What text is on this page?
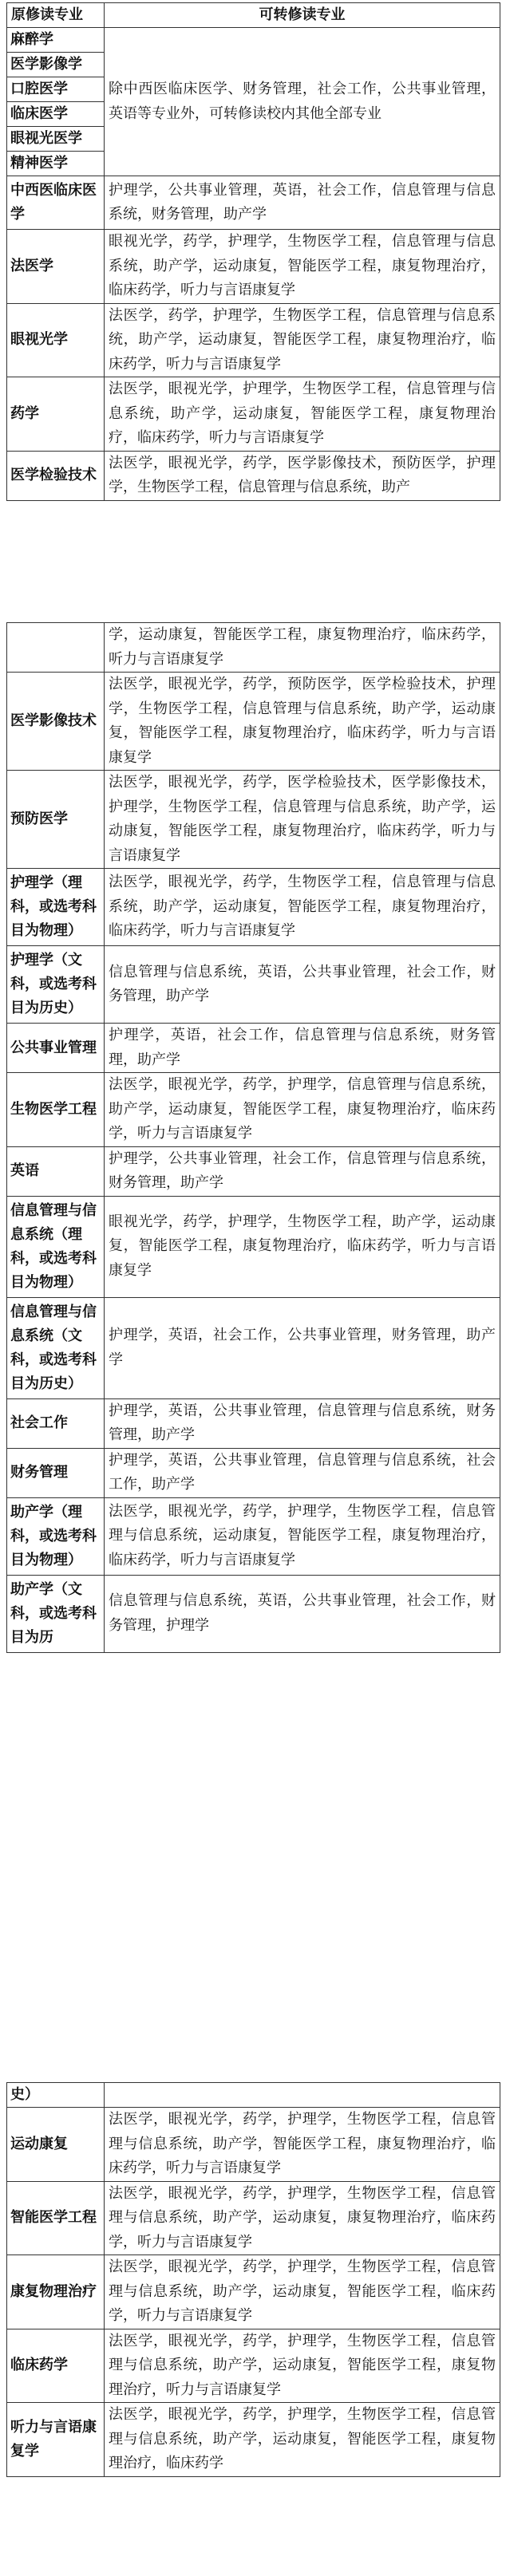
原修读专业	可转修读专业
麻醉学	除中西医临床医学、财务管理，社会工作，公共事业管理，英语等专业外，可转修读校内其他全部专业
医学影像学	
口腔医学	
临床医学	
眼视光医学	
精神医学	
中西医临床医学	护理学，公共事业管理，英语，社会工作，信息管理与信息系统，财务管理，助产学
法医学	眼视光学，药学，护理学，生物医学工程，信息管理与信息系统，助产学，运动康复，智能医学工程，康复物理治疗，临床药学，听力与言语康复学
眼视光学	法医学，药学，护理学，生物医学工程，信息管理与信息系统，助产学，运动康复，智能医学工程，康复物理治疗，临床药学，听力与言语康复学
药学	法医学，眼视光学，护理学，生物医学工程，信息管理与信息系统，助产学，运动康复，智能医学工程，康复物理治疗，临床药学，听力与言语康复学
医学检验技术	法医学，眼视光学，药学，医学影像技术，预防医学，护理学，生物医学工程，信息管理与信息系统，助产
	学，运动康复，智能医学工程，康复物理治疗，临床药学，听力与言语康复学
医学影像技术	法医学，眼视光学，药学，预防医学，医学检验技术，护理学，生物医学工程，信息管理与信息系统，助产学，运动康复，智能医学工程，康复物理治疗，临床药学，听力与言语康复学
预防医学	法医学，眼视光学，药学，医学检验技术，医学影像技术，护理学，生物医学工程，信息管理与信息系统，助产学，运动康复，智能医学工程，康复物理治疗，临床药学，听力与言语康复学
护理学（理科，或选考科目为物理）	法医学，眼视光学，药学，生物医学工程，信息管理与信息系统，助产学，运动康复，智能医学工程，康复物理治疗，临床药学，听力与言语康复学
护理学（文科，或选考科目为历史）	信息管理与信息系统，英语，公共事业管理，社会工作，财务管理，助产学
公共事业管理	护理学，英语，社会工作，信息管理与信息系统，财务管理，助产学
生物医学工程	法医学，眼视光学，药学，护理学，信息管理与信息系统，助产学，运动康复，智能医学工程，康复物理治疗，临床药学，听力与言语康复学
英语	护理学，公共事业管理，社会工作，信息管理与信息系统，财务管理，助产学
信息管理与信息系统（理科，或选考科目为物理）	眼视光学，药学，护理学，生物医学工程，助产学，运动康复，智能医学工程，康复物理治疗，临床药学，听力与言语康复学
信息管理与信息系统（文科，或选考科目为历史）	护理学，英语，社会工作，公共事业管理，财务管理，助产学
社会工作	护理学，英语，公共事业管理，信息管理与信息系统，财务管理，助产学
财务管理	护理学，英语，公共事业管理，信息管理与信息系统，社会工作，助产学
助产学（理科，或选考科目为物理）	法医学，眼视光学，药学，护理学，生物医学工程，信息管理与信息系统，运动康复，智能医学工程，康复物理治疗，临床药学，听力与言语康复学
助产学（文科，或选考科目为历	信息管理与信息系统，英语，公共事业管理，社会工作，财务管理，护理学
史）	
运动康复	法医学，眼视光学，药学，护理学，生物医学工程，信息管理与信息系统，助产学，智能医学工程，康复物理治疗，临床药学，听力与言语康复学
智能医学工程	法医学，眼视光学，药学，护理学，生物医学工程，信息管理与信息系统，助产学，运动康复，康复物理治疗，临床药学，听力与言语康复学
康复物理治疗	法医学，眼视光学，药学，护理学，生物医学工程，信息管理与信息系统，助产学，运动康复，智能医学工程，临床药学，听力与言语康复学
临床药学	法医学，眼视光学，药学，护理学，生物医学工程，信息管理与信息系统，助产学，运动康复，智能医学工程，康复物理治疗，听力与言语康复学
听力与言语康复学	法医学，眼视光学，药学，护理学，生物医学工程，信息管理与信息系统，助产学，运动康复，智能医学工程，康复物理治疗，临床药学
